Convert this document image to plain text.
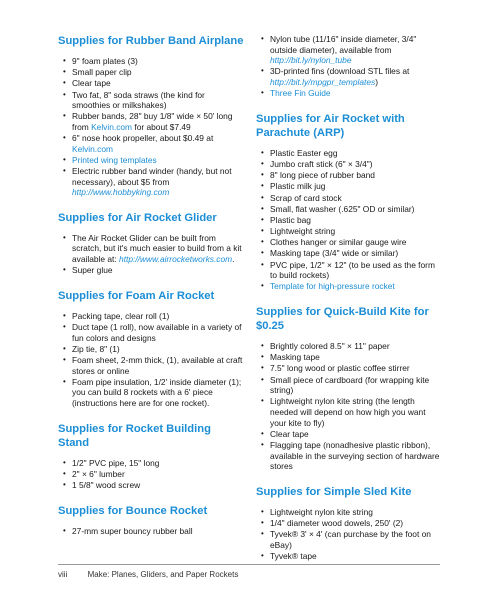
Supplies for Rubber Band Airplane
• 9" foam plates (3)
• Small paper clip
• Clear tape
• Two fat, 8" soda straws (the kind for smoothies or milkshakes)
• Rubber bands, 28" buy 1/8" wide × 50' long from Kelvin.com for about $7.49
• 6" nose hook propeller, about $0.49 at Kelvin.com
• Printed wing templates
• Electric rubber band winder (handy, but not necessary), about $5 from http://www.hobbyking.com
Supplies for Air Rocket Glider
• The Air Rocket Glider can be built from scratch, but it's much easier to build from a kit available at: http://www.airrocketworks.com.
• Super glue
Supplies for Foam Air Rocket
• Packing tape, clear roll (1)
• Duct tape (1 roll), now available in a variety of fun colors and designs
• Zip tie, 8" (1)
• Foam sheet, 2-mm thick, (1), available at craft stores or online
• Foam pipe insulation, 1/2' inside diameter (1); you can build 8 rockets with a 6' piece (instructions here are for one rocket).
Supplies for Rocket Building Stand
• 1/2" PVC pipe, 15" long
• 2" × 6" lumber
• 1 5/8" wood screw
Supplies for Bounce Rocket
• 27-mm super bouncy rubber ball
• Nylon tube (11/16" inside diameter, 3/4" outside diameter), available from http://bit.ly/nylon_tube
• 3D-printed fins (download STL files at http://bit.ly/mpgpr_templates)
• Three Fin Guide
Supplies for Air Rocket with Parachute (ARP)
• Plastic Easter egg
• Jumbo craft stick (6" × 3/4")
• 8" long piece of rubber band
• Plastic milk jug
• Scrap of card stock
• Small, flat washer (.625" OD or similar)
• Plastic bag
• Lightweight string
• Clothes hanger or similar gauge wire
• Masking tape (3/4" wide or similar)
• PVC pipe, 1/2" × 12" (to be used as the form to build rockets)
• Template for high-pressure rocket
Supplies for Quick-Build Kite for $0.25
• Brightly colored 8.5" × 11" paper
• Masking tape
• 7.5" long wood or plastic coffee stirrer
• Small piece of cardboard (for wrapping kite string)
• Lightweight nylon kite string (the length needed will depend on how high you want your kite to fly)
• Clear tape
• Flagging tape (nonadhesive plastic ribbon), available in the surveying section of hardware stores
Supplies for Simple Sled Kite
• Lightweight nylon kite string
• 1/4" diameter wood dowels, 250' (2)
• Tyvek® 3' × 4' (can purchase by the foot on eBay)
• Tyvek® tape
viii	Make: Planes, Gliders, and Paper Rockets
